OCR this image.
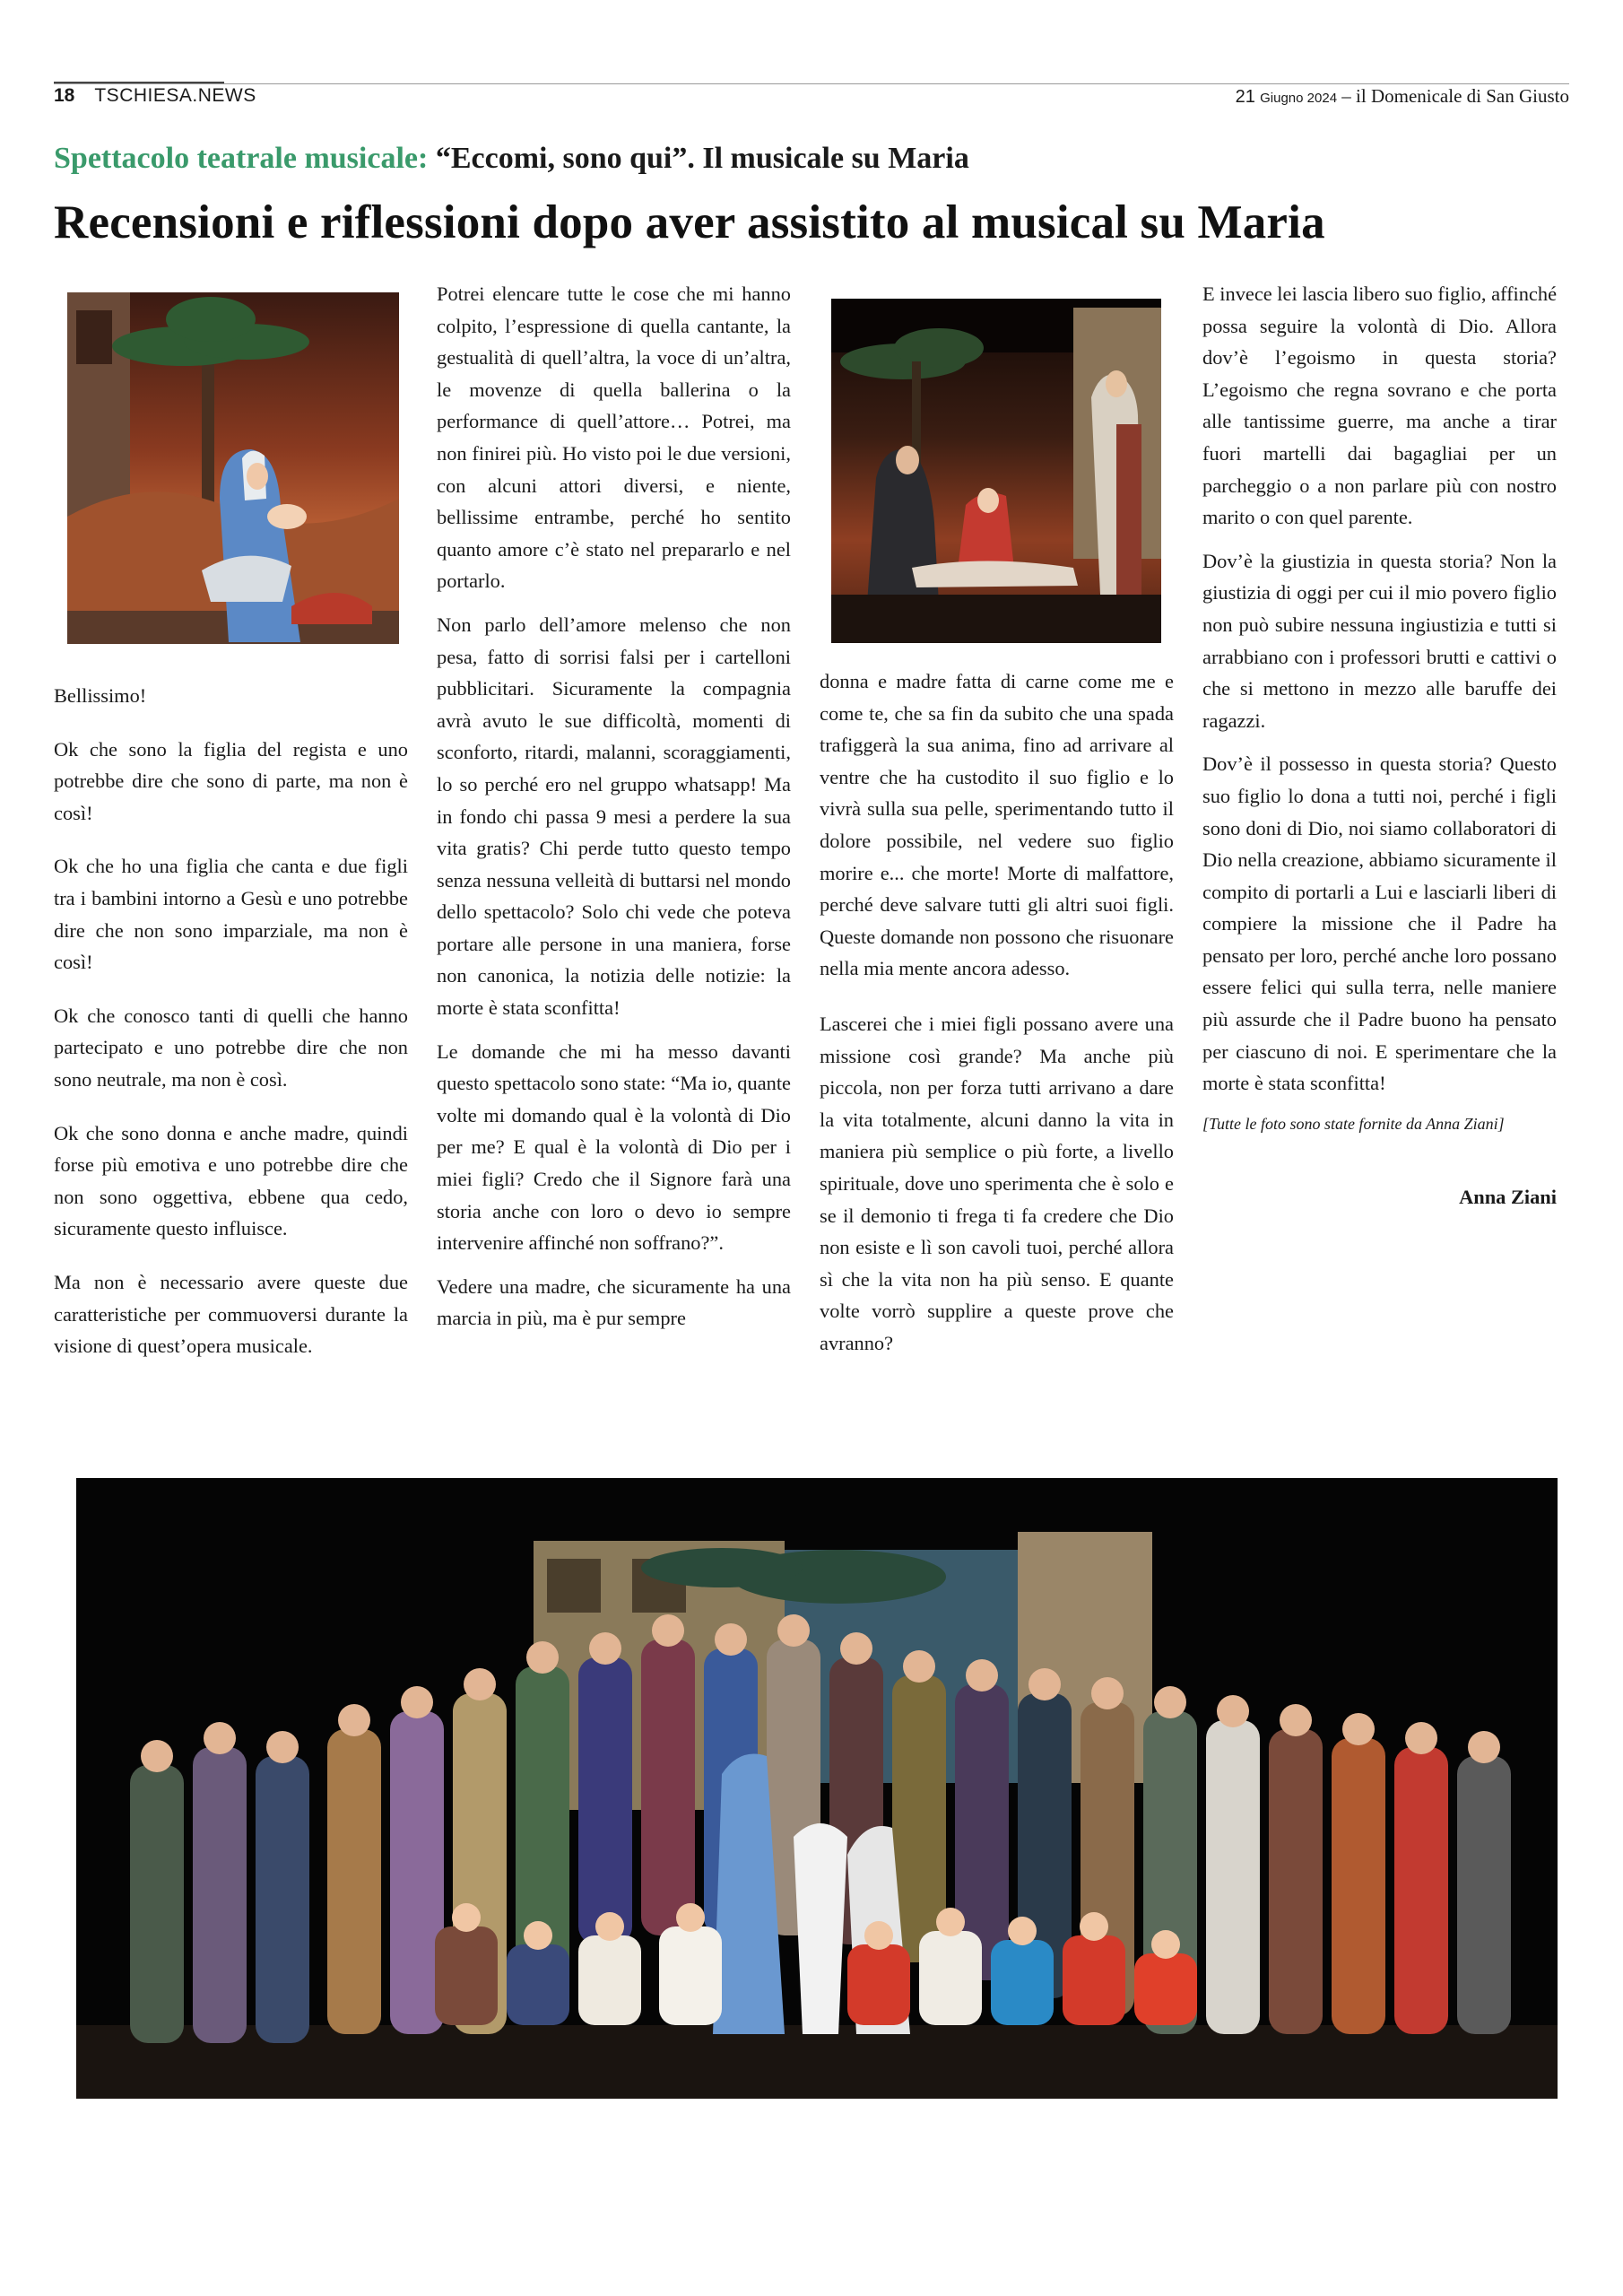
18 TSCHIESA.NEWS	21 Giugno 2024 – il Domenicale di San Giusto
Spettacolo teatrale musicale: “Eccomi, sono qui”. Il musicale su Maria
Recensioni e riflessioni dopo aver assistito al musical su Maria

Bellissimo!

Ok che sono la figlia del regista e uno potrebbe dire che sono di parte, ma non è così!

Ok che ho una figlia che canta e due figli tra i bambini intorno a Gesù e uno potrebbe dire che non sono imparziale, ma non è così!

Ok che conosco tanti di quelli che hanno partecipato e uno potrebbe dire che non sono neutrale, ma non è così.

Ok che sono donna e anche madre, quindi forse più emotiva e uno potrebbe dire che non sono oggettiva, ebbene qua cedo, sicuramente questo influisce.

Ma non è necessario avere queste due caratteristiche per commuoversi durante la visione di quest’opera musicale.

Potrei elencare tutte le cose che mi hanno colpito, l’espressione di quella cantante, la gestualità di quell’altra, la voce di un’altra, le movenze di quella ballerina o la performance di quell’attore… Potrei, ma non finirei più. Ho visto poi le due versioni, con alcuni attori diversi, e niente, bellissime entrambe, perché ho sentito quanto amore c’è stato nel prepararlo e nel portarlo.

Non parlo dell’amore melenso che non pesa, fatto di sorrisi falsi per i cartelloni pubblicitari. Sicuramente la compagnia avrà avuto le sue difficoltà, momenti di sconforto, ritardi, malanni, scoraggiamenti, lo so perché ero nel gruppo whatsapp! Ma in fondo chi passa 9 mesi a perdere la sua vita gratis? Chi perde tutto questo tempo senza nessuna velleità di buttarsi nel mondo dello spettacolo? Solo chi vede che poteva portare alle persone in una maniera, forse non canonica, la notizia delle notizie: la morte è stata sconfitta!

Le domande che mi ha messo davanti questo spettacolo sono state: “Ma io, quante volte mi domando qual è la volontà di Dio per me? E qual è la volontà di Dio per i miei figli? Credo che il Signore farà una storia anche con loro o devo io sempre intervenire affinché non soffrano?”.

Vedere una madre, che sicuramente ha una marcia in più, ma è pur sempre

donna e madre fatta di carne come me e come te, che sa fin da subito che una spada trafiggerà la sua anima, fino ad arrivare al ventre che ha custodito il suo figlio e lo vivrà sulla sua pelle, sperimentando tutto il dolore possibile, nel vedere suo figlio morire e... che morte! Morte di malfattore, perché deve salvare tutti gli altri suoi figli. Queste domande non possono che risuonare nella mia mente ancora adesso.

Lascerei che i miei figli possano avere una missione così grande? Ma anche più piccola, non per forza tutti arrivano a dare la vita totalmente, alcuni danno la vita in maniera più semplice o più forte, a livello spirituale, dove uno sperimenta che è solo e se il demonio ti frega ti fa credere che Dio non esiste e lì son cavoli tuoi, perché allora sì che la vita non ha più senso. E quante volte vorrò supplire a queste prove che avranno?

E invece lei lascia libero suo figlio, affinché possa seguire la volontà di Dio. Allora dov’è l’egoismo in questa storia? L’egoismo che regna sovrano e che porta alle tantissime guerre, ma anche a tirar fuori martelli dai bagagliai per un parcheggio o a non parlare più con nostro marito o con quel parente.

Dov’è la giustizia in questa storia? Non la giustizia di oggi per cui il mio povero figlio non può subire nessuna ingiustizia e tutti si arrabbiano con i professori brutti e cattivi o che si mettono in mezzo alle baruffe dei ragazzi.

Dov’è il possesso in questa storia? Questo suo figlio lo dona a tutti noi, perché i figli sono doni di Dio, noi siamo collaboratori di Dio nella creazione, abbiamo sicuramente il compito di portarli a Lui e lasciarli liberi di compiere la missione che il Padre ha pensato per loro, perché anche loro possano essere felici qui sulla terra, nelle maniere più assurde che il Padre buono ha pensato per ciascuno di noi. E sperimentare che la morte è stata sconfitta!

[Tutte le foto sono state fornite da Anna Ziani]

Anna Ziani
